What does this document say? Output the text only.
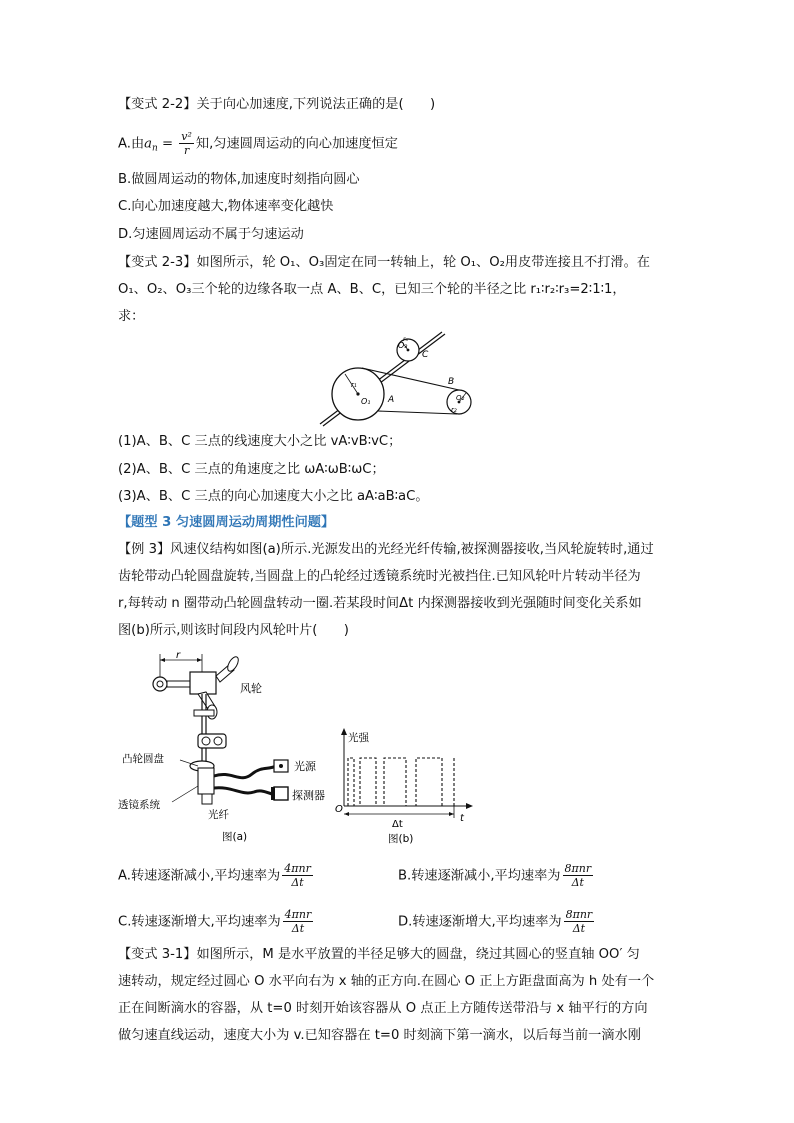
【变式 2-2】关于向心加速度,下列说法正确的是(　　)
A.由$a_n = \frac{\text{v²}}{r}$ 知,匀速圆周运动的向心加速度恒定
B.做圆周运动的物体,加速度时刻指向圆心
C.向心加速度越大,物体速率变化越快
D.匀速圆周运动不属于匀速运动
【变式 2-3】如图所示，轮 O₁、O₃固定在同一转轴上，轮 O₁、O₂用皮带连接且不打滑。在
O₁、O₂、O₃三个轮的边缘各取一点 A、B、C，已知三个轮的半径之比 r₁∶r₂∶r₃=2∶1∶1，
求：
O₃
C
B
O₂
r₂
r₁
O₁ A
r₃
(1)A、B、C 三点的线速度大小之比 vA∶vB∶vC；
(2)A、B、C 三点的角速度之比 ωA∶ωB∶ωC；
(3)A、B、C 三点的向心加速度大小之比 aA∶aB∶aC。
【题型 3 匀速圆周运动周期性问题】
【例 3】风速仪结构如图(a)所示.光源发出的光经光纤传输,被探测器接收,当风轮旋转时,通过
齿轮带动凸轮圆盘旋转,当圆盘上的凸轮经过透镜系统时光被挡住.已知风轮叶片转动半径为
r,每转动 n 圈带动凸轮圆盘转动一圈.若某段时间Δt 内探测器接收到光强随时间变化关系如
图(b)所示,则该时间段内风轮叶片(　　)
r
风轮
凸轮圆盘
光源
探测器
透镜系统
光纤
图(a)
光强
O
t
Δt
图(b)
A.转速逐渐减小,平均速率为 $\frac{\text{4πnr}}{\Delta t}$	B.转速逐渐减小,平均速率为 $\frac{\text{8πnr}}{\Delta t}$
C.转速逐渐增大,平均速率为 $\frac{\text{4πnr}}{\Delta t}$	D.转速逐渐增大,平均速率为 $\frac{\text{8πnr}}{\Delta t}$
【变式 3-1】如图所示，M 是水平放置的半径足够大的圆盘，绕过其圆心的竖直轴 OO′ 匀
速转动，规定经过圆心 O 水平向右为 x 轴的正方向.在圆心 O 正上方距盘面高为 h 处有一个
正在间断滴水的容器，从 t=0 时刻开始该容器从 O 点正上方随传送带沿与 x 轴平行的方向
做匀速直线运动，速度大小为 v.已知容器在 t=0 时刻滴下第一滴水，以后每当前一滴水刚
